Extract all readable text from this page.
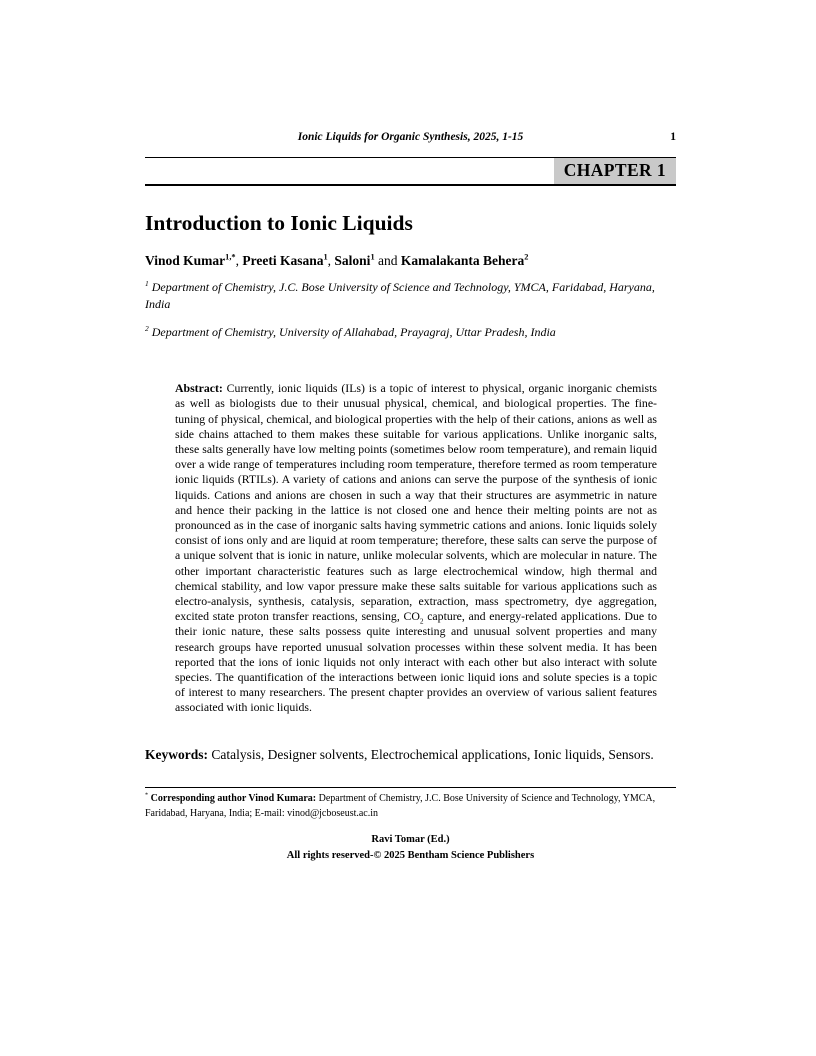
Ionic Liquids for Organic Synthesis, 2025, 1-15	1
CHAPTER 1
Introduction to Ionic Liquids

Vinod Kumar$^{1,*}$, Preeti Kasana$^1$, Saloni$^1$ and Kamalakanta Behera$^2$

$^1$ Department of Chemistry, J.C. Bose University of Science and Technology, YMCA, Faridabad, Haryana, India

$^2$ Department of Chemistry, University of Allahabad, Prayagraj, Uttar Pradesh, India

Abstract: Currently, ionic liquids (ILs) is a topic of interest to physical, organic inorganic chemists as well as biologists due to their unusual physical, chemical, and biological properties. The fine-tuning of physical, chemical, and biological properties with the help of their cations, anions as well as side chains attached to them makes these suitable for various applications. Unlike inorganic salts, these salts generally have low melting points (sometimes below room temperature), and remain liquid over a wide range of temperatures including room temperature, therefore termed as room temperature ionic liquids (RTILs). A variety of cations and anions can serve the purpose of the synthesis of ionic liquids. Cations and anions are chosen in such a way that their structures are asymmetric in nature and hence their packing in the lattice is not closed one and hence their melting points are not as pronounced as in the case of inorganic salts having symmetric cations and anions. Ionic liquids solely consist of ions only and are liquid at room temperature; therefore, these salts can serve the purpose of a unique solvent that is ionic in nature, unlike molecular solvents, which are molecular in nature. The other important characteristic features such as large electrochemical window, high thermal and chemical stability, and low vapor pressure make these salts suitable for various applications such as electro-analysis, synthesis, catalysis, separation, extraction, mass spectrometry, dye aggregation, excited state proton transfer reactions, sensing, $CO_2$ capture, and energy-related applications. Due to their ionic nature, these salts possess quite interesting and unusual solvent properties and many research groups have reported unusual solvation processes within these solvent media. It has been reported that the ions of ionic liquids not only interact with each other but also interact with solute species. The quantification of the interactions between ionic liquid ions and solute species is a topic of interest to many researchers. The present chapter provides an overview of various salient features associated with ionic liquids.

Keywords: Catalysis, Designer solvents, Electrochemical applications, Ionic liquids, Sensors.

* Corresponding author Vinod Kumara: Department of Chemistry, J.C. Bose University of Science and Technology, YMCA, Faridabad, Haryana, India; E-mail: vinod@jcboseust.ac.in

Ravi Tomar (Ed.)
All rights reserved-© 2025 Bentham Science Publishers
